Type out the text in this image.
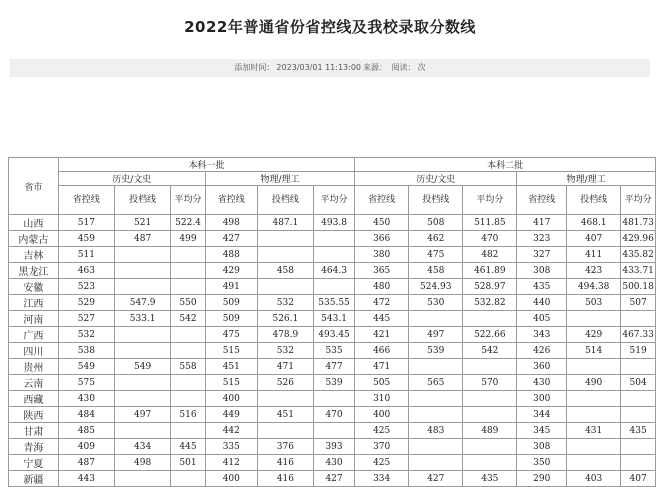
2022年普通省份省控线及我校录取分数线
添加时间： 2023/03/01 11:13:00 来源： 阅读： 次
省市	本科一批						本科二批					
	历史/文史			物理/理工			历史/文史			物理/理工		
	省控线	投档线	平均分	省控线	投档线	平均分	省控线	投档线	平均分	省控线	投档线	平均分
山西	517	521	522.4	498	487.1	493.8	450	508	511.85	417	468.1	481.73
内蒙古	459	487	499	427			366	462	470	323	407	429.96
吉林	511			488			380	475	482	327	411	435.82
黑龙江	463			429	458	464.3	365	458	461.89	308	423	433.71
安徽	523			491			480	524.93	528.97	435	494.38	500.18
江西	529	547.9	550	509	532	535.55	472	530	532.82	440	503	507
河南	527	533.1	542	509	526.1	543.1	445			405		
广西	532			475	478.9	493.45	421	497	522.66	343	429	467.33
四川	538			515	532	535	466	539	542	426	514	519
贵州	549	549	558	451	471	477	471			360		
云南	575			515	526	539	505	565	570	430	490	504
西藏	430			400			310			300		
陕西	484	497	516	449	451	470	400			344		
甘肃	485			442			425	483	489	345	431	435
青海	409	434	445	335	376	393	370			308		
宁夏	487	498	501	412	416	430	425			350		
新疆	443			400	416	427	334	427	435	290	403	407
